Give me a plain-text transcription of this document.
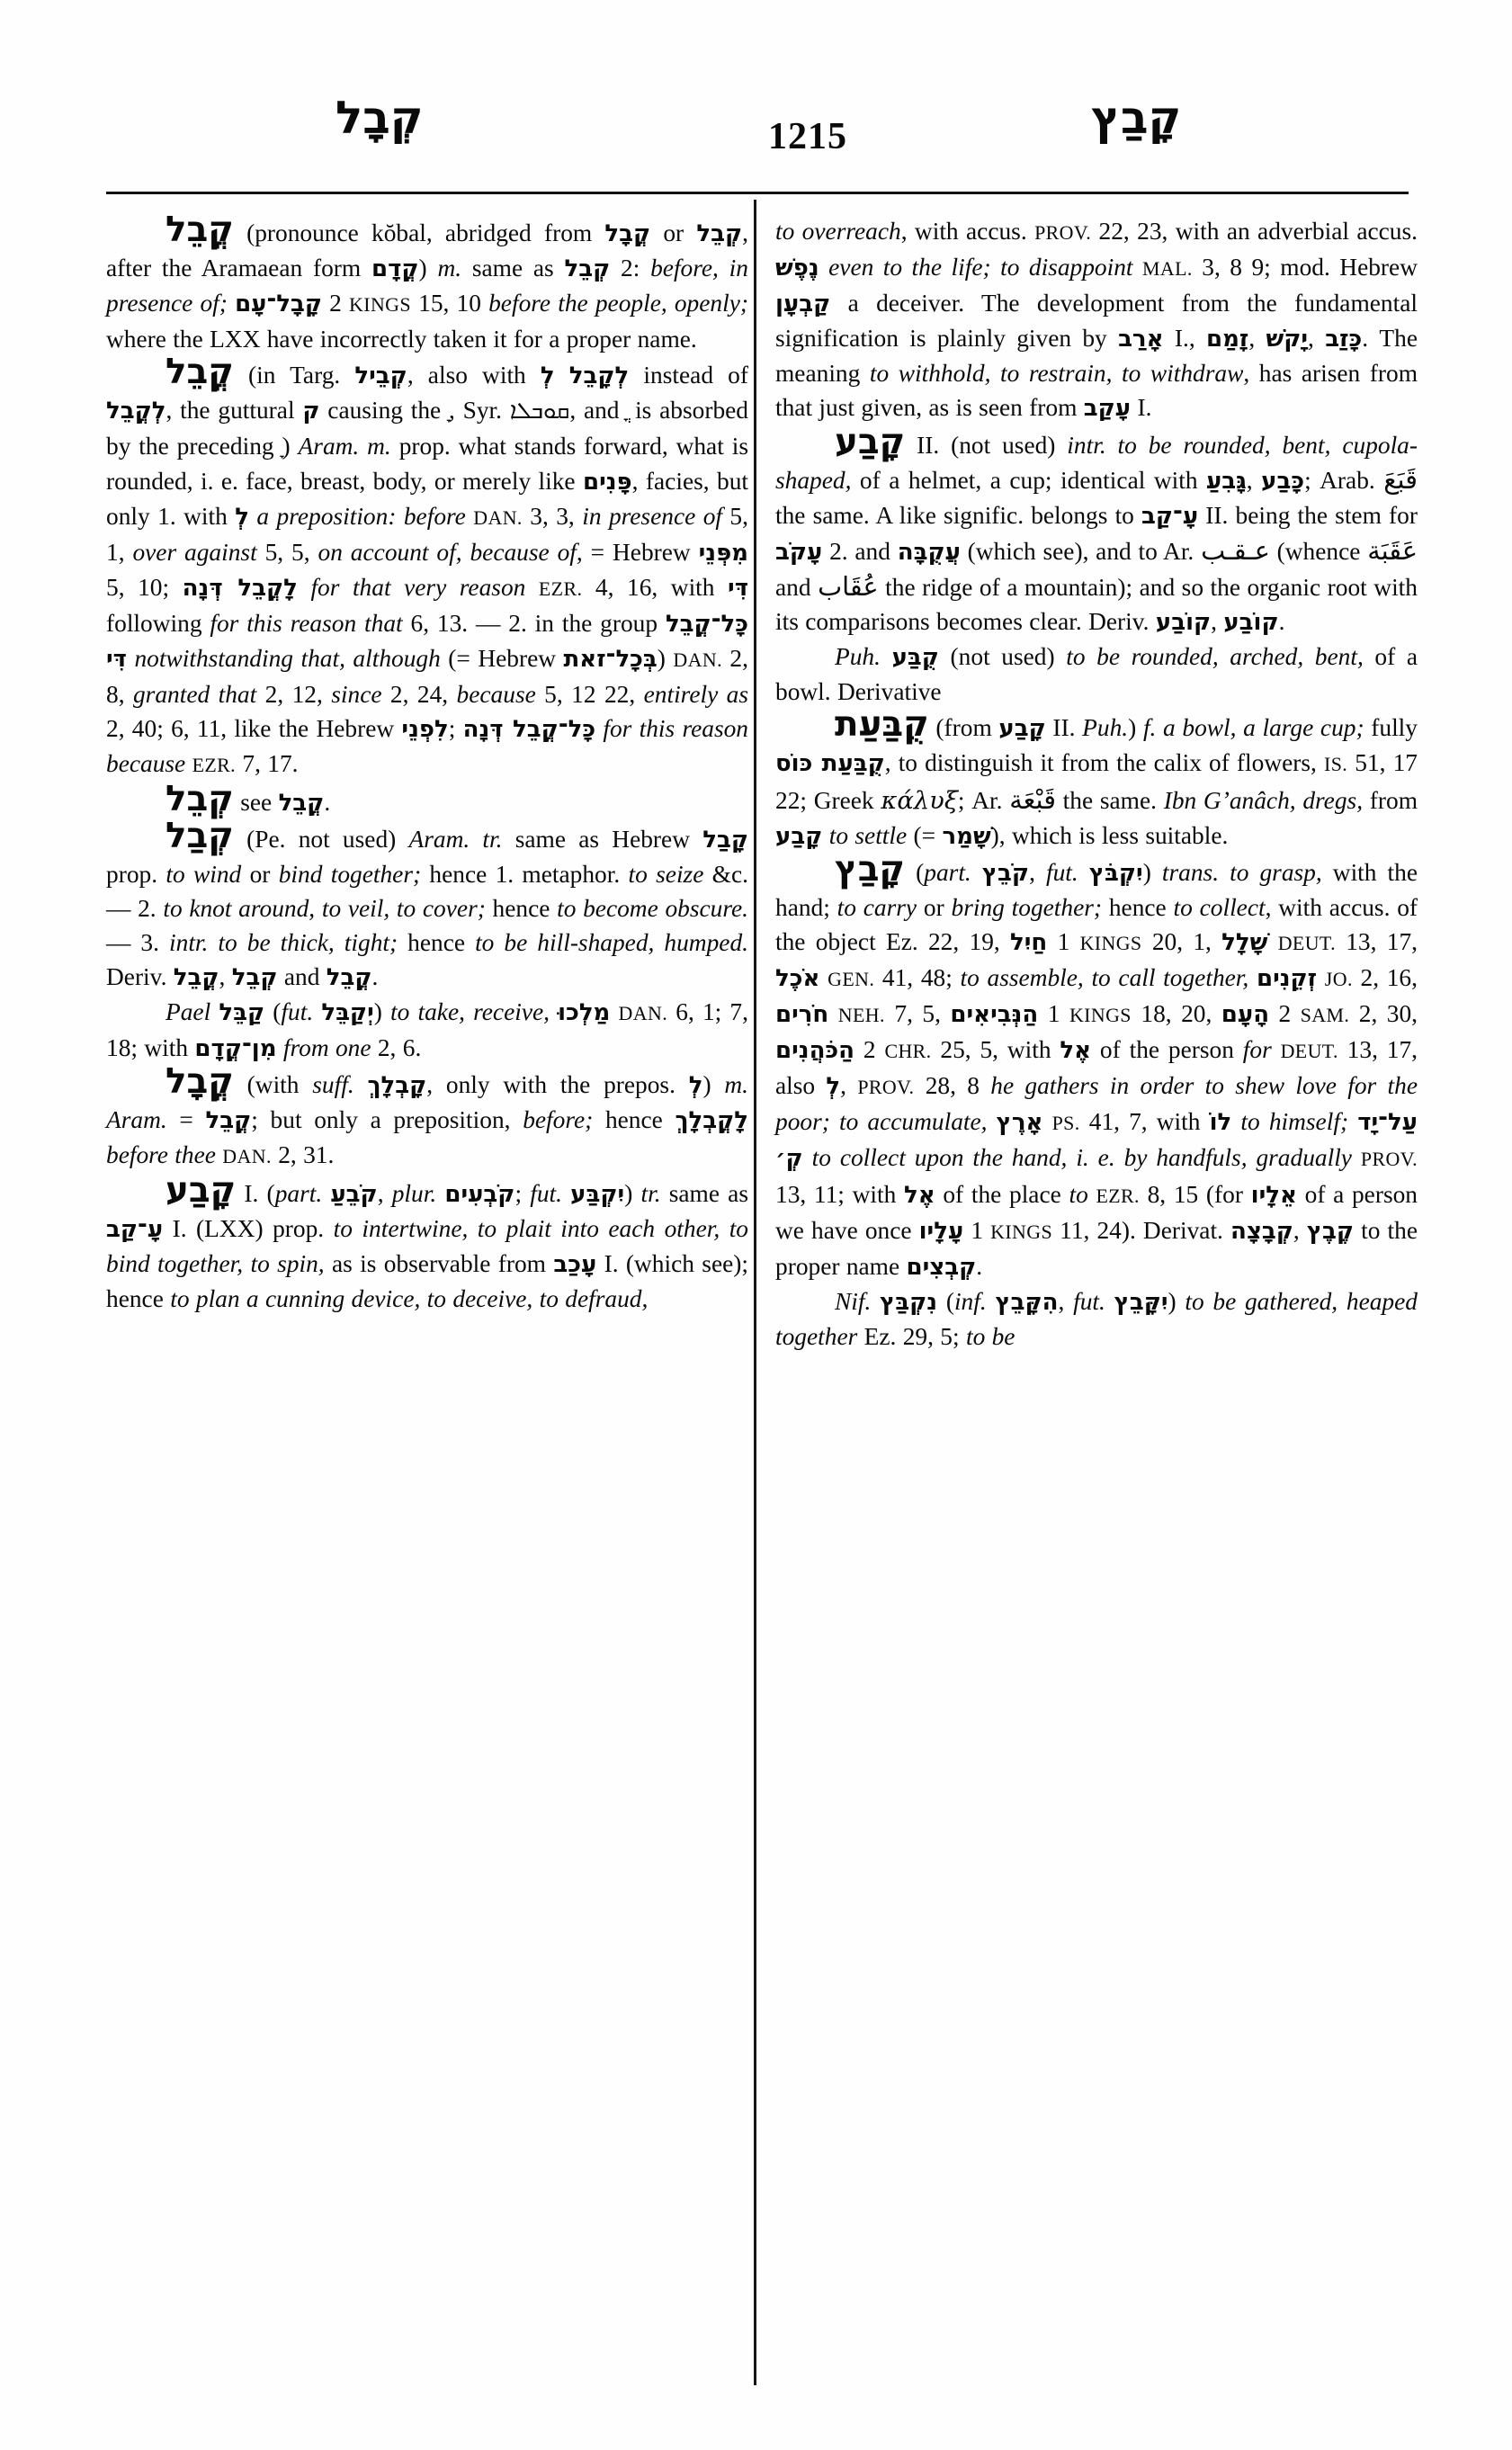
קְבָל	1215	קָבַץ

קֳבֵל (pronounce kŏbal, abridged from קֳבָל or קְבֵל, after the Aramaean form קֳדָם) m. same as קְבֵל 2: before, in presence of; קָבָל־עָם 2 KINGS 15, 10 before the people, openly; where the LXX have incorrectly taken it for a proper name.

קֳבֵל (in Targ. קְבֵיל, also with לְ לְקָבֵל instead of לְקֳבֵל, the guttural ק causing the , Syr. ܩܘܒܠܐ, and is absorbed by the preceding ) Aram. m. prop. what stands forward, what is rounded, i. e. face, breast, body, or merely like פָּנִים, facies, but only 1. with לְ a preposition: before DAN. 3, 3, in presence of 5, 1, over against 5, 5, on account of, because of, = Hebrew מִפְּנֵי 5, 10; לָקֳבֵל דְּנָה for that very reason EZR. 4, 16, with דִּי following for this reason that 6, 13. — 2. in the group כָּל־קֳבֵל דִּי notwithstanding that, although (= Hebrew בְּכָל־זאת) DAN. 2, 8, granted that 2, 12, since 2, 24, because 5, 12 22, entirely as 2, 40; 6, 11, like the Hebrew לִפְנֵי; כָּל־קֳבֵל דְּנָה for this reason because EZR. 7, 17.

קְבֵל see קֳבֵל.

קְבַל (Pe. not used) Aram. tr. same as Hebrew קָבַל prop. to wind or bind together; hence 1. metaphor. to seize &c. — 2. to knot around, to veil, to cover; hence to become obscure. — 3. intr. to be thick, tight; hence to be hill-shaped, humped. Deriv. קֳבֵל, קְבֵל and קֳבֵל.

Pael קַבֵּל (fut. יְקַבֵּל) to take, receive, מַלְכוּ DAN. 6, 1; 7, 18; with מִן־קֳדָם from one 2, 6.

קֳבָל (with suff. קָבְלָךְ, only with the prepos. לְ) m. Aram. = קֳבֵל; but only a preposition, before; hence לָקֳבְלָךְ before thee DAN. 2, 31.

קָבַע I. (part. קֹבֵעַ, plur. קֹבְעִים; fut. יִקְבַּע) tr. same as עָ־קַב I. (LXX) prop. to intertwine, to plait into each other, to bind together, to spin, as is observable from עָכַב I. (which see); hence to plan a cunning device, to deceive, to defraud,

to overreach, with accus. PROV. 22, 23, with an adverbial accus. נֶפֶשׁ even to the life; to disappoint MAL. 3, 8 9; mod. Hebrew קַבְעָן a deceiver. The development from the fundamental signification is plainly given by אָרַב I., זָמַם, יָקֹשׁ, כָּזַב. The meaning to withhold, to restrain, to withdraw, has arisen from that just given, as is seen from עָקַב I.

קָבַע II. (not used) intr. to be rounded, bent, cupola-shaped, of a helmet, a cup; identical with גָּבִעַ, כָּבַע; Arab. قَبَعَ the same. A like signific. belongs to עָ־קַב II. being the stem for עָקֹב 2. and עֲקֻבָּה (which see), and to Ar. عـقـب (whence عَقَبَة and عُقَاب the ridge of a mountain); and so the organic root with its comparisons becomes clear. Deriv. קוֹבַע, קוֹבַע.

Puh. קֻבַּע (not used) to be rounded, arched, bent, of a bowl. Derivative

קֻבַּעַת (from קָבַע II. Puh.) f. a bowl, a large cup; fully קֻבַּעַת כּוֹס, to distinguish it from the calix of flowers, IS. 51, 17 22; Greek κάλυξ; Ar. قَبْعَة the same. Ibn Gʼanâch, dregs, from קָבַע to settle (= שָׁמַר), which is less suitable.

קָבַץ (part. קֹבֵץ, fut. יִקְבֹּץ) trans. to grasp, with the hand; to carry or bring together; hence to collect, with accus. of the object Ez. 22, 19, חַיִל 1 KINGS 20, 1, שָׁלָל DEUT. 13, 17, אֹכֶל GEN. 41, 48; to assemble, to call together, זְקֵנִים JO. 2, 16, חֹרִים NEH. 7, 5, הַנְּבִיאִים 1 KINGS 18, 20, הָעָם 2 SAM. 2, 30, הַכֹּהֲנִים 2 CHR. 25, 5, with אֶל of the person for DEUT. 13, 17, also לְ, PROV. 28, 8 he gathers in order to shew love for the poor; to accumulate, אָרֶץ PS. 41, 7, with לוֹ to himself; עַל־יָד קְ׳ to collect upon the hand, i. e. by handfuls, gradually PROV. 13, 11; with אֶל of the place to EZR. 8, 15 (for אֵלָיו of a person we have once עָלָיו 1 KINGS 11, 24). Derivat. קְבָצָה, קֶבֶץ to the proper name קְבְצִים.

Nif. נִקְבַּץ (inf. הִקָּבֵץ, fut. יִקָּבֵץ) to be gathered, heaped together Ez. 29, 5; to be
